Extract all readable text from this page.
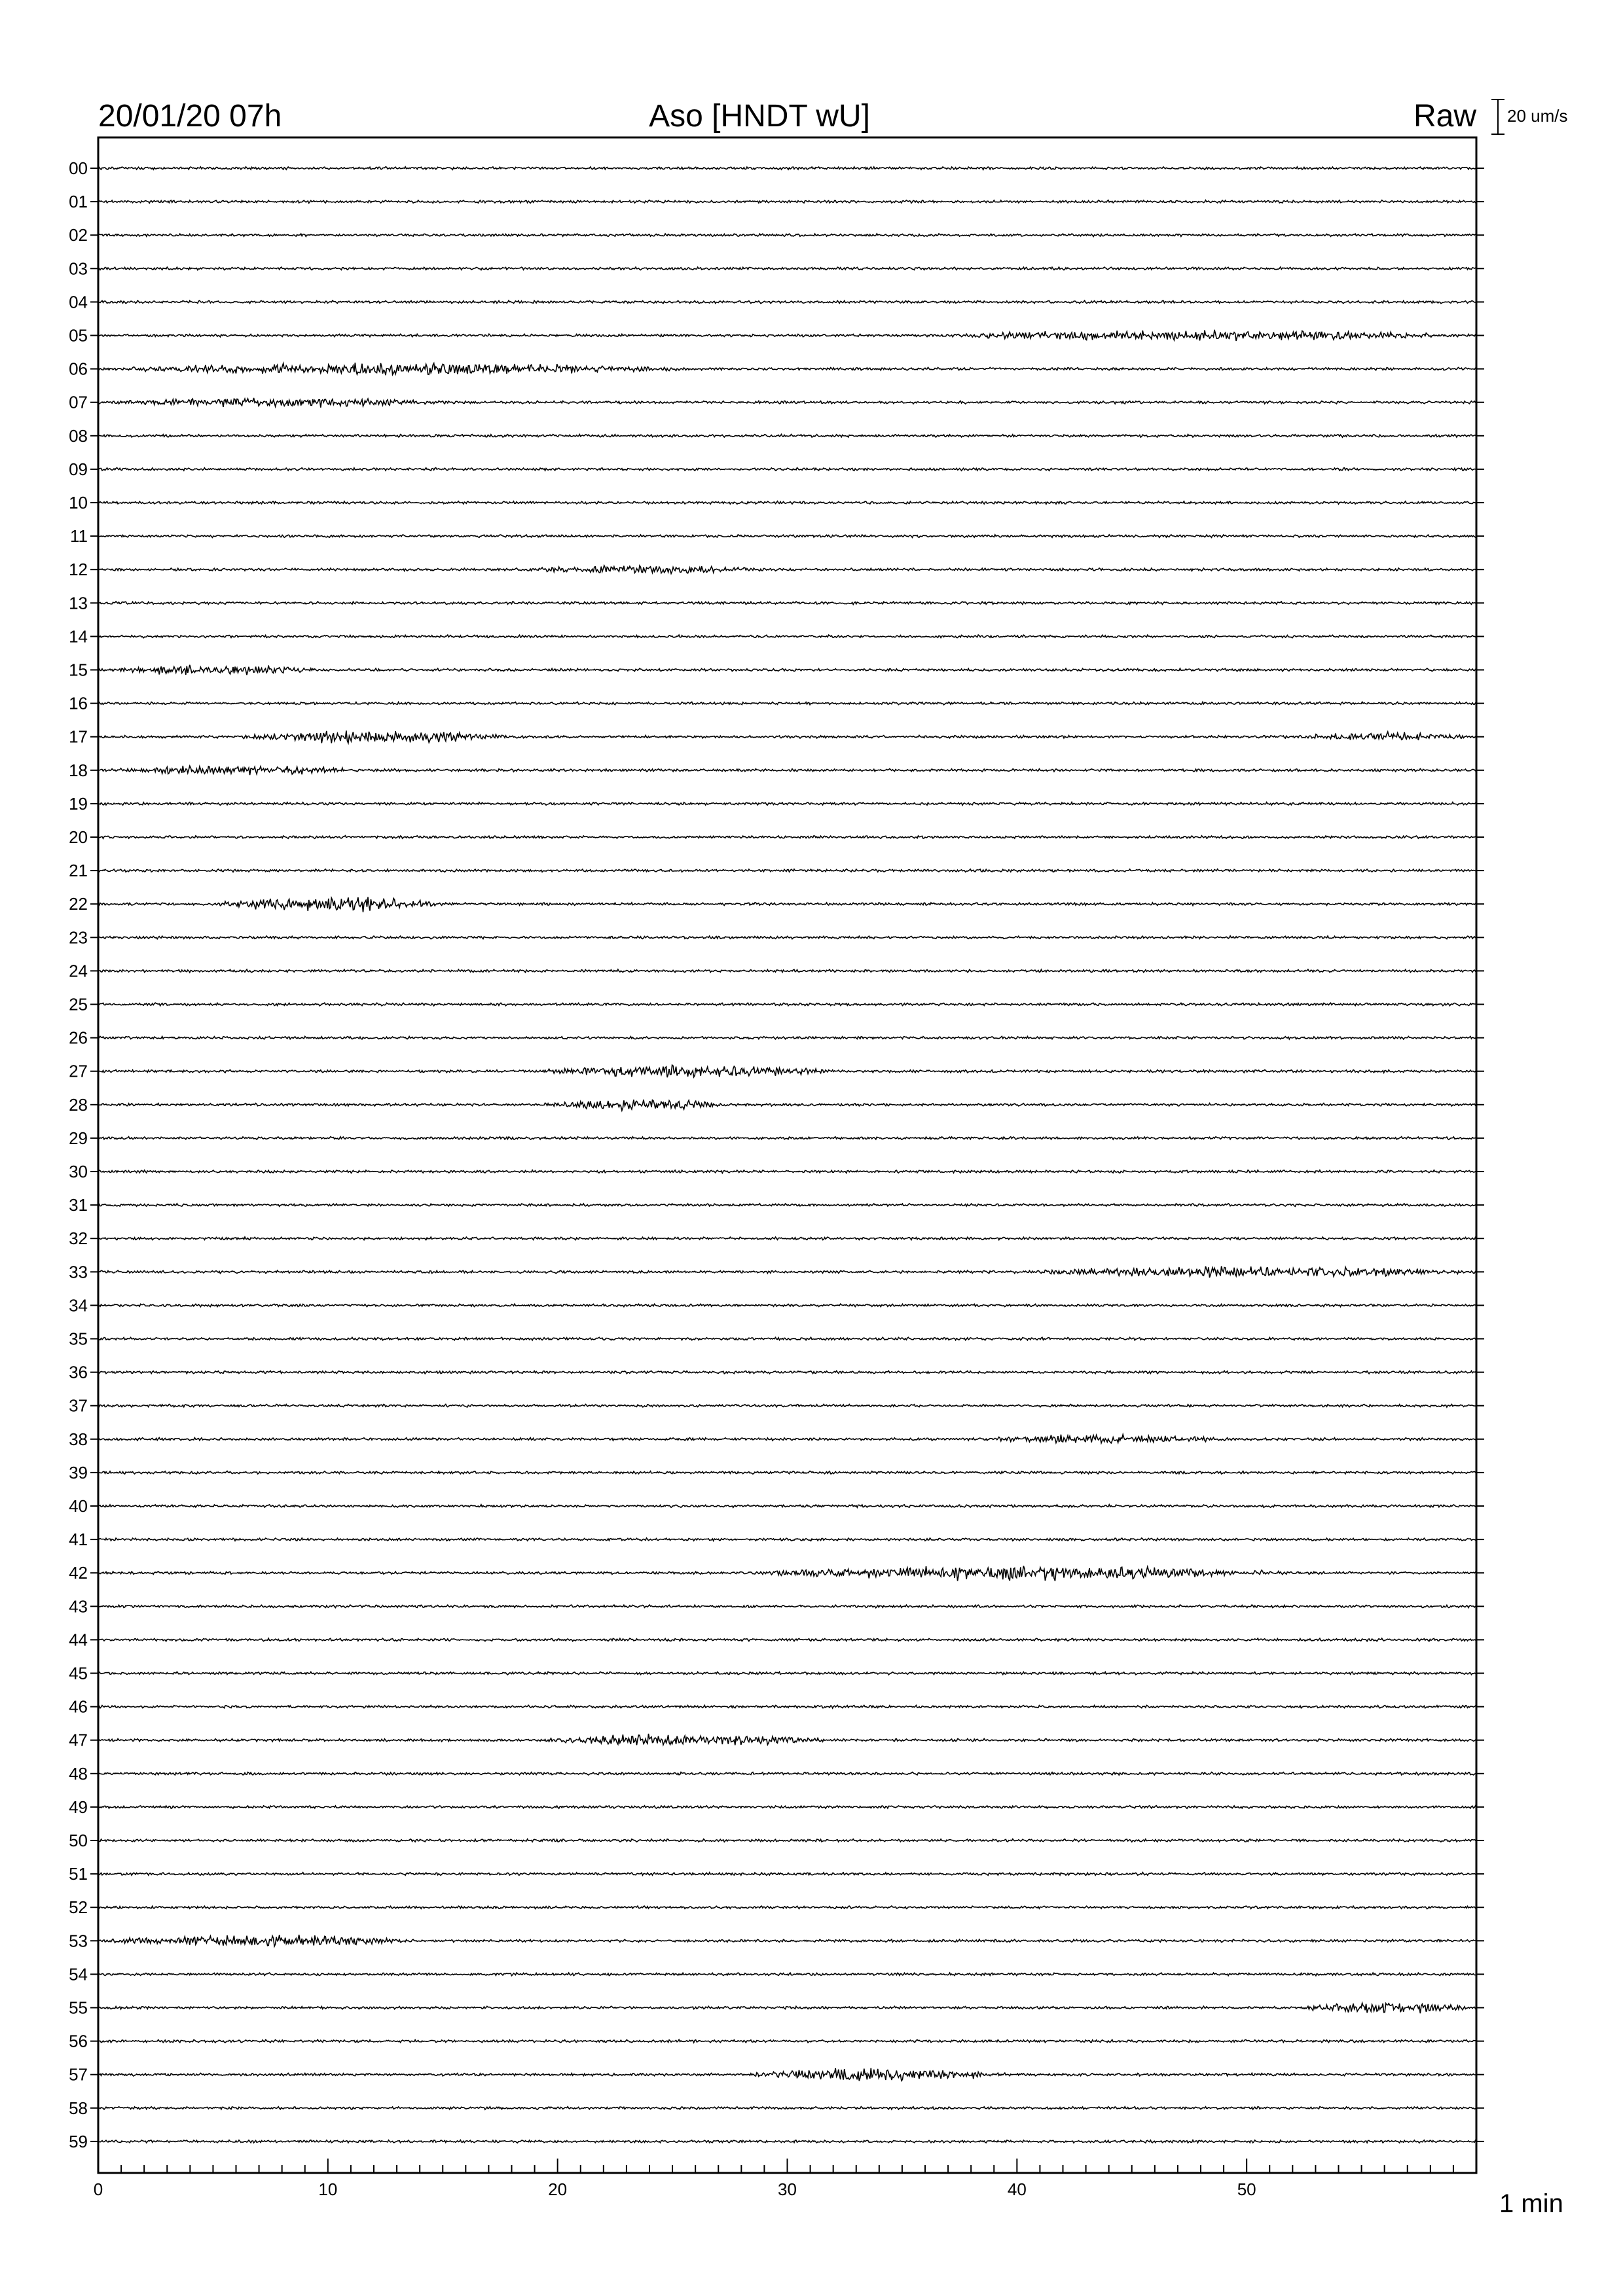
20/01/20 07h	Aso [HNDT wU]	Raw 20 um/s
00
01
02
03
04
05
06
07
08
09
10
11
12
13
14
15
16
17
18
19
20
21
22
23
24
25
26
27
28
29
30
31
32
33
34
35
36
37
38
39
40
41
42
43
44
45
46
47
48
49
50
51
52
53
54
55
56
57
58
59
0	10	20	30	40	50	1 min
